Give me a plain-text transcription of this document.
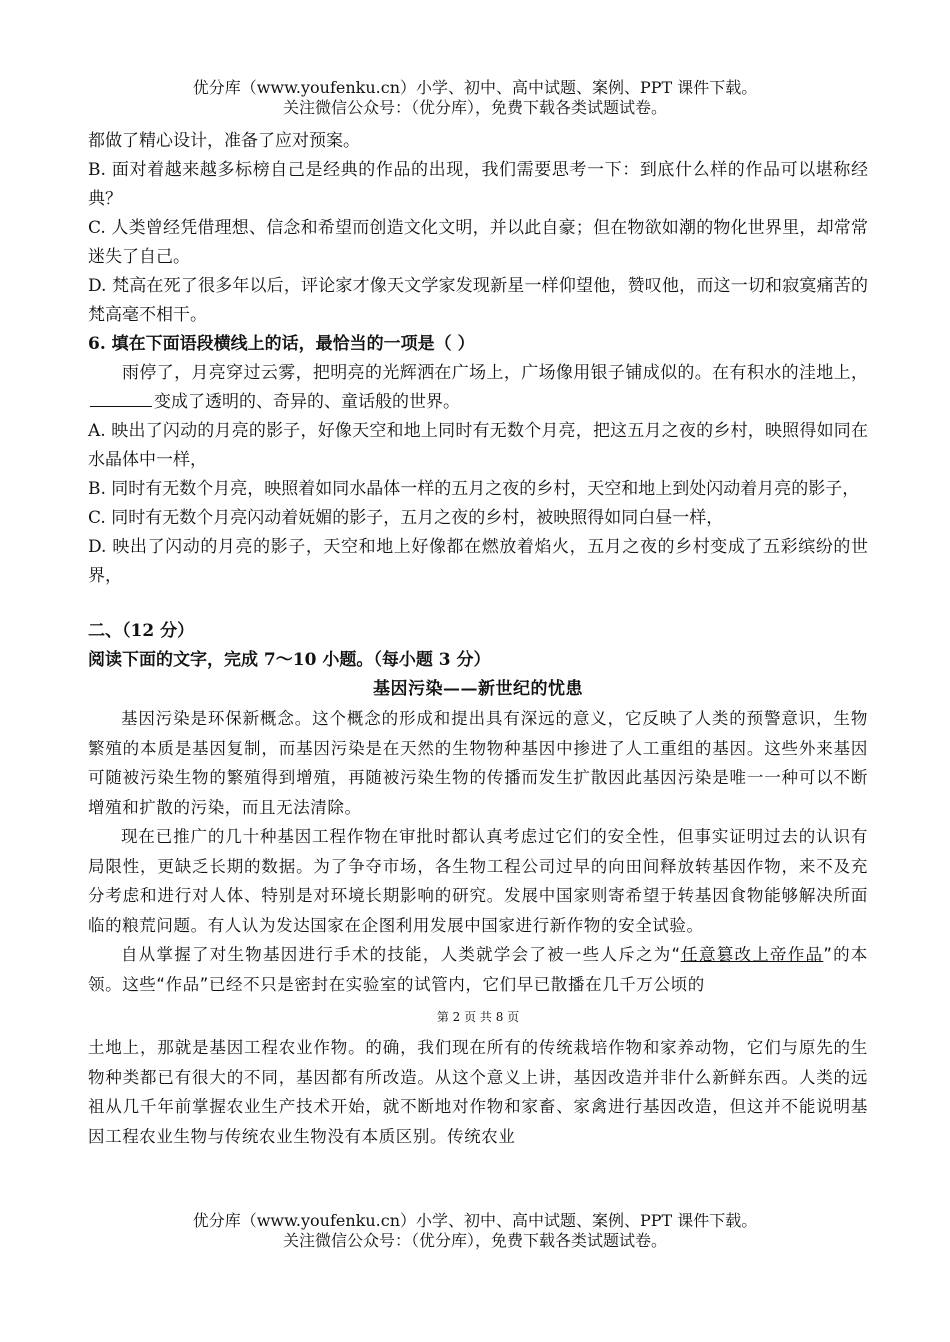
优分库（www.youfenku.cn）小学、初中、高中试题、案例、PPT 课件下载。
关注微信公众号：（优分库），免费下载各类试题试卷。

都做了精心设计，准备了应对预案。

B. 面对着越来越多标榜自己是经典的作品的出现，我们需要思考一下：到底什么样的作品可以堪称经典？

C. 人类曾经凭借理想、信念和希望而创造文化文明，并以此自豪；但在物欲如潮的物化世界里，却常常迷失了自己。

D. 梵高在死了很多年以后，评论家才像天文学家发现新星一样仰望他，赞叹他，而这一切和寂寞痛苦的梵高毫不相干。

6. 填在下面语段横线上的话，最恰当的一项是（ ）

雨停了，月亮穿过云雾，把明亮的光辉洒在广场上，广场像用银子铺成似的。在有积水的洼地上，变成了透明的、奇异的、童话般的世界。

A. 映出了闪动的月亮的影子，好像天空和地上同时有无数个月亮，把这五月之夜的乡村，映照得如同在水晶体中一样，

B. 同时有无数个月亮，映照着如同水晶体一样的五月之夜的乡村，天空和地上到处闪动着月亮的影子，

C. 同时有无数个月亮闪动着妩媚的影子，五月之夜的乡村，被映照得如同白昼一样，

D. 映出了闪动的月亮的影子，天空和地上好像都在燃放着焰火，五月之夜的乡村变成了五彩缤纷的世界，

二、（12 分）

阅读下面的文字，完成 7～10 小题。（每小题 3 分）

基因污染——新世纪的忧患

基因污染是环保新概念。这个概念的形成和提出具有深远的意义，它反映了人类的预警意识，生物繁殖的本质是基因复制，而基因污染是在天然的生物物种基因中掺进了人工重组的基因。这些外来基因可随被污染生物的繁殖得到增殖，再随被污染生物的传播而发生扩散因此基因污染是唯一一种可以不断增殖和扩散的污染，而且无法清除。

现在已推广的几十种基因工程作物在审批时都认真考虑过它们的安全性，但事实证明过去的认识有局限性，更缺乏长期的数据。为了争夺市场，各生物工程公司过早的向田间释放转基因作物，来不及充分考虑和进行对人体、特别是对环境长期影响的研究。发展中国家则寄希望于转基因食物能够解决所面临的粮荒问题。有人认为发达国家在企图利用发展中国家进行新作物的安全试验。

自从掌握了对生物基因进行手术的技能，人类就学会了被一些人斥之为“任意篡改上帝作品”的本领。这些“作品”已经不只是密封在实验室的试管内，它们早已散播在几千万公顷的

第 2 页 共 8 页

土地上，那就是基因工程农业作物。的确，我们现在所有的传统栽培作物和家养动物，它们与原先的生物种类都已有很大的不同，基因都有所改造。从这个意义上讲，基因改造并非什么新鲜东西。人类的远祖从几千年前掌握农业生产技术开始，就不断地对作物和家畜、家禽进行基因改造，但这并不能说明基因工程农业生物与传统农业生物没有本质区别。传统农业

优分库（www.youfenku.cn）小学、初中、高中试题、案例、PPT 课件下载。
关注微信公众号：（优分库），免费下载各类试题试卷。
